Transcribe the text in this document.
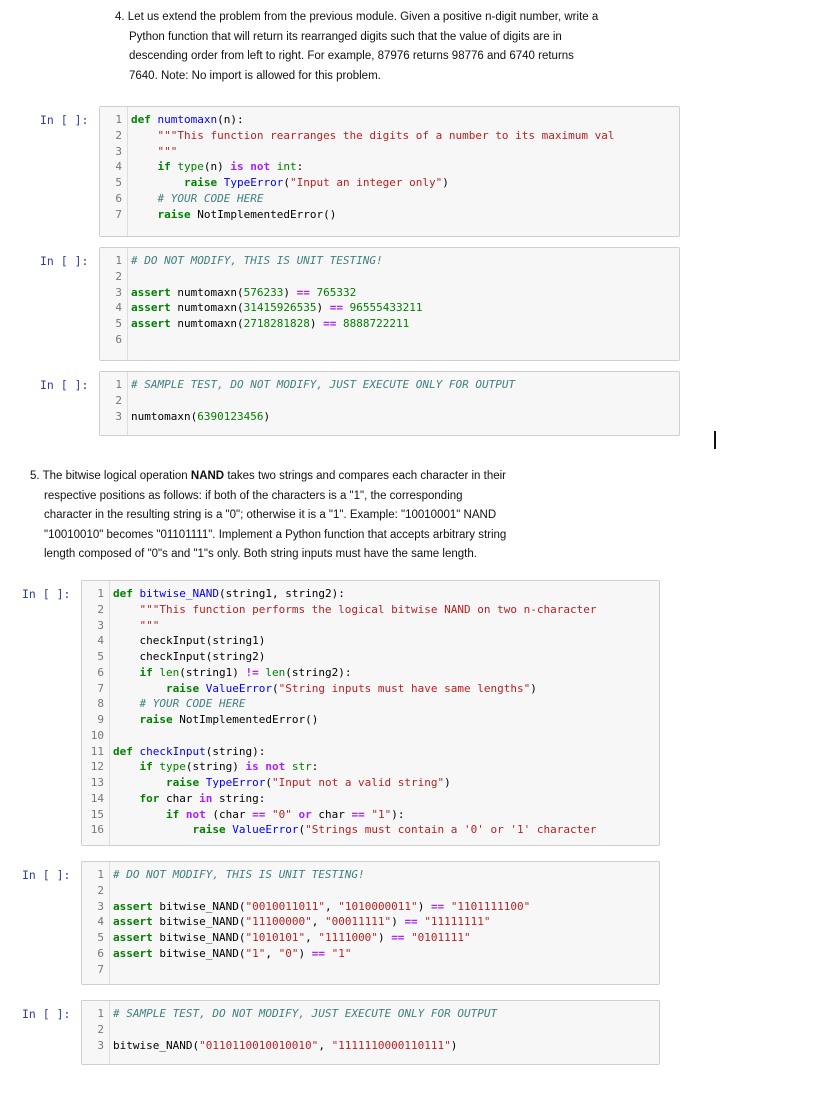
4. Let us extend the problem from the previous module. Given a positive n-digit number, write a

Python function that will return its rearranged digits such that the value of digits are in

descending order from left to right. For example, 87976 returns 98776 and 6740 returns

7640. Note: No import is allowed for this problem.

In [ ]:	1 def numtomaxn(n):
2	"""This function rearranges the digits of a number to its maximum val
3	"""
4	if type(n) is not int:
5	raise TypeError("Input an integer only")
6	# YOUR CODE HERE
7	raise NotImplementedError()
In [ ]:	1 # DO NOT MODIFY, THIS IS UNIT TESTING!
2
3 assert numtomaxn(576233) == 765332
4 assert numtomaxn(31415926535) == 96555433211
5 assert numtomaxn(2718281828) == 8888722211
6
In [ ]:	1 # SAMPLE TEST, DO NOT MODIFY, JUST EXECUTE ONLY FOR OUTPUT
2
3 numtomaxn(6390123456)

5. The bitwise logical operation NAND takes two strings and compares each character in their

respective positions as follows: if both of the characters is a "1", the corresponding

character in the resulting string is a "0"; otherwise it is a "1". Example: "10010001" NAND

"10010010" becomes "01101111". Implement a Python function that accepts arbitrary string

length composed of "0"s and "1"s only. Both string inputs must have the same length.

In [ ]:	1 def bitwise_NAND(string1, string2):
2	"""This function performs the logical bitwise NAND on two n-character
3	"""
4 checkInput(string1)
5 checkInput(string2)
6	if len(string1) != len(string2):
7	raise ValueError("String inputs must have same lengths")
8	# YOUR CODE HERE
9	raise NotImplementedError()
10
11 def checkInput(string):
12	if type(string) is not str:
13	raise TypeError("Input not a valid string")
14	for char in string:
15	if not (char == "0" or char == "1"):
16	raise ValueError("Strings must contain a '0' or '1' character
In [ ]:	1 # DO NOT MODIFY, THIS IS UNIT TESTING!
2
3 assert bitwise_NAND("0010011011", "1010000011") == "1101111100"
4 assert bitwise_NAND("11100000", "00011111") == "11111111"
5 assert bitwise_NAND("1010101", "1111000") == "0101111"
6 assert bitwise_NAND("1", "0") == "1"
7
In [ ]:	1 # SAMPLE TEST, DO NOT MODIFY, JUST EXECUTE ONLY FOR OUTPUT
2
3 bitwise_NAND("0110110010010010", "1111110000110111")
